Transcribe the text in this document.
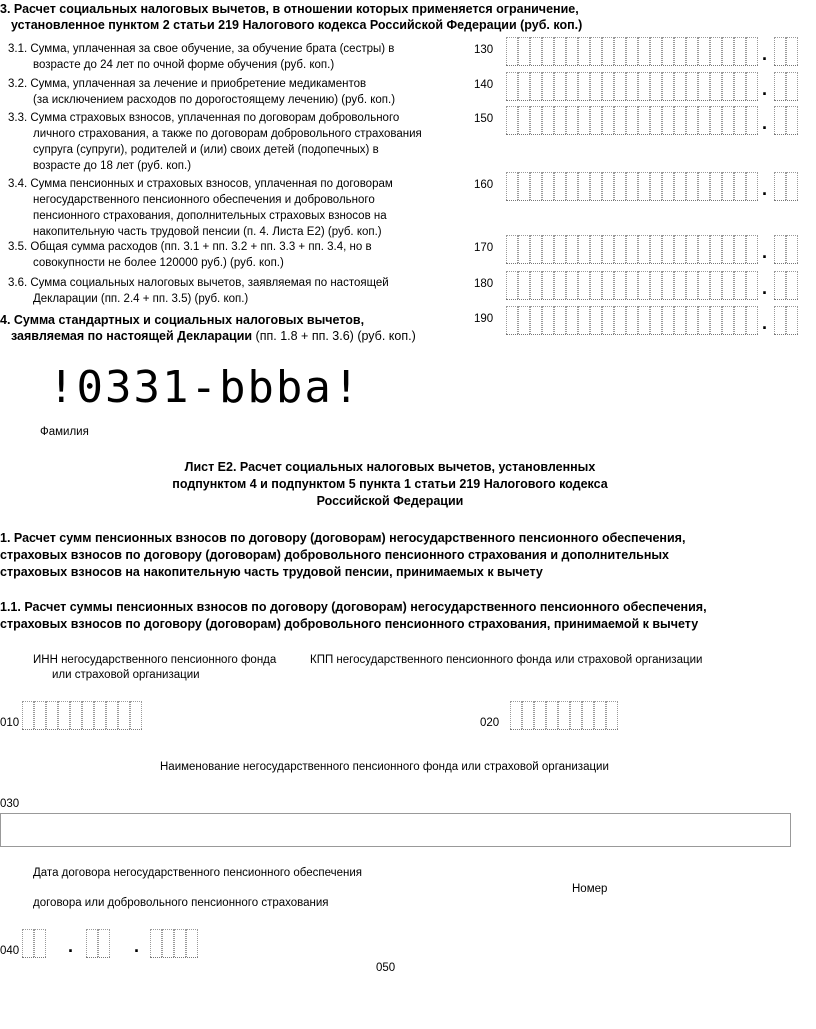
3. Расчет социальных налоговых вычетов, в отношении которых применяется ограничение,
установленное пунктом 2 статьи 219 Налогового кодекса Российской Федерации (руб. коп.)
3.1. Сумма, уплаченная за свое обучение, за обучение брата (сестры) в
возрасте до 24 лет по очной форме обучения (руб. коп.)
130	.
3.2. Сумма, уплаченная за лечение и приобретение медикаментов
(за исключением расходов по дорогостоящему лечению) (руб. коп.)
140	.
3.3. Сумма страховых взносов, уплаченная по договорам добровольного
личного страхования, а также по договорам добровольного страхования
супруга (супруги), родителей и (или) своих детей (подопечных) в
возрасте до 18 лет (руб. коп.)
150	.
3.4. Сумма пенсионных и страховых взносов, уплаченная по договорам
негосударственного пенсионного обеспечения и добровольного
пенсионного страхования, дополнительных страховых взносов на
накопительную часть трудовой пенсии (п. 4. Листа Е2) (руб. коп.)
160	.
3.5. Общая сумма расходов (пп. 3.1 + пп. 3.2 + пп. 3.3 + пп. 3.4, но в
совокупности не более 120000 руб.) (руб. коп.)
170	.
3.6. Сумма социальных налоговых вычетов, заявляемая по настоящей
Декларации (пп. 2.4 + пп. 3.5) (руб. коп.)
180	.
4. Сумма стандартных и социальных налоговых вычетов,
заявляемая по настоящей Декларации (пп. 1.8 + пп. 3.6) (руб. коп.)
190	.
!0331-bbba!
Фамилия
Лист Е2. Расчет социальных налоговых вычетов, установленных
подпунктом 4 и подпунктом 5 пункта 1 статьи 219 Налогового кодекса
Российской Федерации
1. Расчет сумм пенсионных взносов по договору (договорам) негосударственного пенсионного обеспечения,
страховых взносов по договору (договорам) добровольного пенсионного страхования и дополнительных
страховых взносов на накопительную часть трудовой пенсии, принимаемых к вычету
1.1. Расчет суммы пенсионных взносов по договору (договорам) негосударственного пенсионного обеспечения,
страховых взносов по договору (договорам) добровольного пенсионного страхования, принимаемой к вычету
ИНН негосударственного пенсионного фонда
или страховой организации
КПП негосударственного пенсионного фонда или страховой организации
010	020
Наименование негосударственного пенсионного фонда или страховой организации
030
Дата договора негосударственного пенсионного обеспечения
договора или добровольного пенсионного страхования
Номер
040
050
.	.
